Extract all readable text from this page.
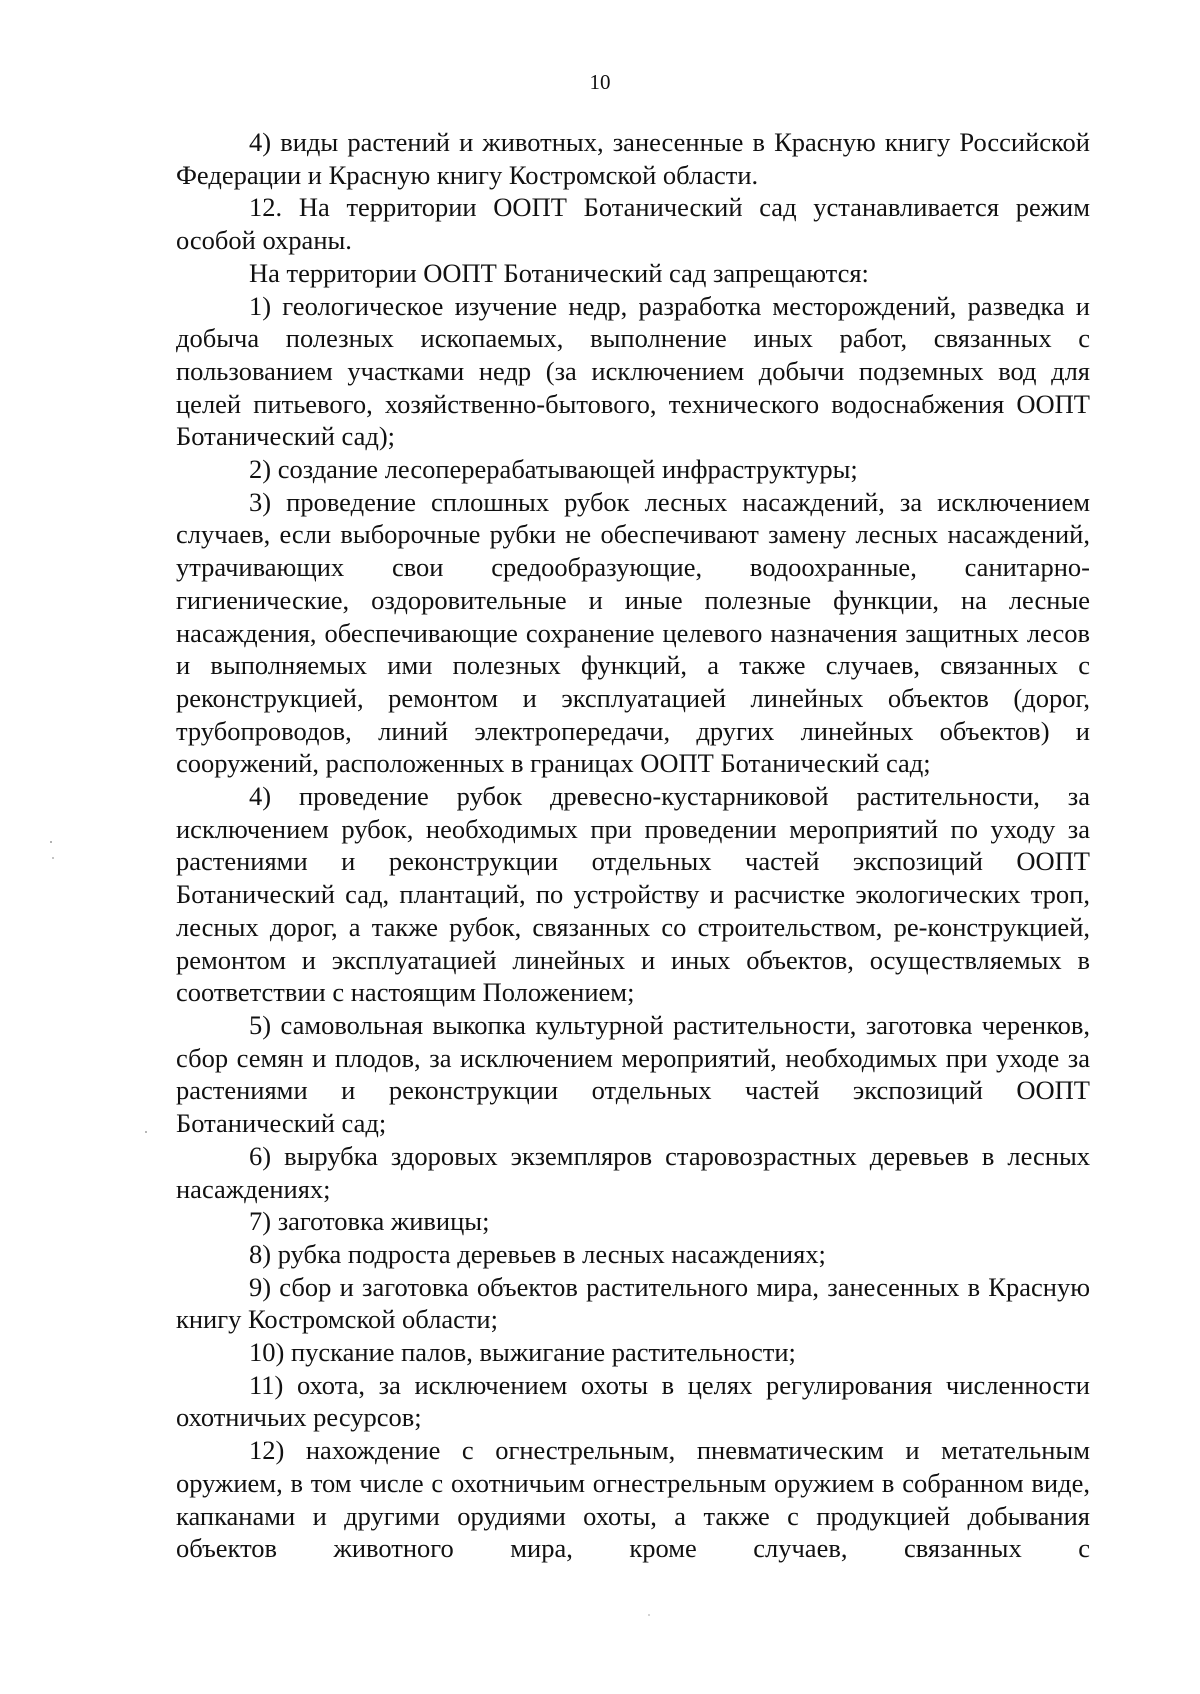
10

4) виды растений и животных, занесенные в Красную книгу Российской Федерации и Красную книгу Костромской области.

12. На территории ООПТ Ботанический сад устанавливается режим особой охраны.

На территории ООПТ Ботанический сад запрещаются:

1) геологическое изучение недр, разработка месторождений, разведка и добыча полезных ископаемых, выполнение иных работ, связанных с пользованием участками недр (за исключением добычи подземных вод для целей питьевого, хозяйственно-бытового, технического водоснабжения ООПТ Ботанический сад);

2) создание лесоперерабатывающей инфраструктуры;

3) проведение сплошных рубок лесных насаждений, за исключением случаев, если выборочные рубки не обеспечивают замену лесных насаждений, утрачивающих свои средообразующие, водоохранные, санитарно-гигиенические, оздоровительные и иные полезные функции, на лесные насаждения, обеспечивающие сохранение целевого назначения защитных лесов и выполняемых ими полезных функций, а также случаев, связанных с реконструкцией, ремонтом и эксплуатацией линейных объектов (дорог, трубопроводов, линий электропередачи, других линейных объектов) и сооружений, расположенных в границах ООПТ Ботанический сад;

4) проведение рубок древесно-кустарниковой растительности, за исключением рубок, необходимых при проведении мероприятий по уходу за растениями и реконструкции отдельных частей экспозиций ООПТ Ботанический сад, плантаций, по устройству и расчистке экологических троп, лесных дорог, а также рубок, связанных со строительством, ре-конструкцией, ремонтом и эксплуатацией линейных и иных объектов, осуществляемых в соответствии с настоящим Положением;

5) самовольная выкопка культурной растительности, заготовка черенков, сбор семян и плодов, за исключением мероприятий, необходимых при уходе за растениями и реконструкции отдельных частей экспозиций ООПТ Ботанический сад;

6) вырубка здоровых экземпляров старовозрастных деревьев в лесных насаждениях;

7) заготовка живицы;

8) рубка подроста деревьев в лесных насаждениях;

9) сбор и заготовка объектов растительного мира, занесенных в Красную книгу Костромской области;

10) пускание палов, выжигание растительности;

11) охота, за исключением охоты в целях регулирования численности охотничьих ресурсов;

12) нахождение с огнестрельным, пневматическим и метательным оружием, в том числе с охотничьим огнестрельным оружием в собранном виде, капканами и другими орудиями охоты, а также с продукцией добывания объектов животного мира, кроме случаев, связанных с
